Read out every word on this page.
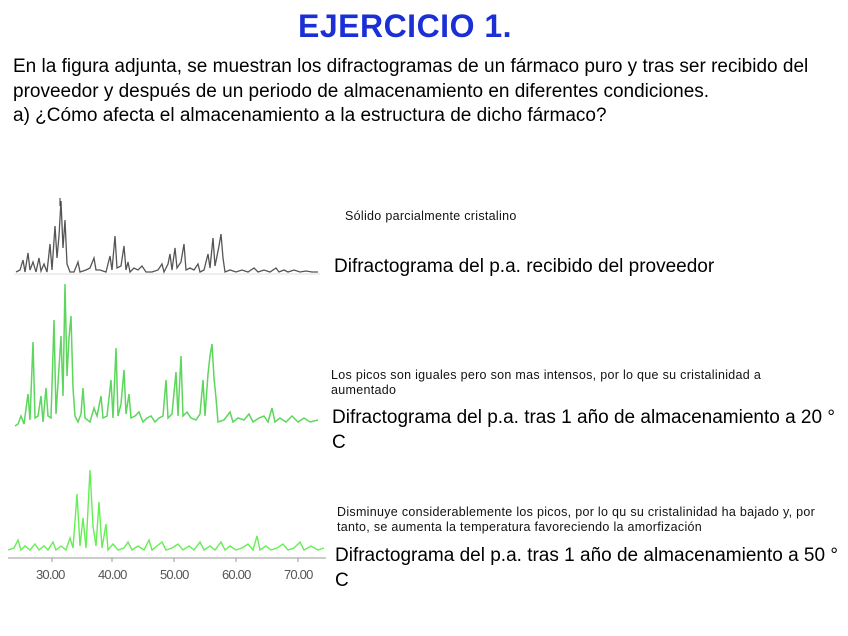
EJERCICIO 1.

En la figura adjunta, se muestran los difractogramas de un fármaco puro y tras ser recibido del proveedor y después de un periodo de almacenamiento en diferentes condiciones.

a) ¿Cómo afecta el almacenamiento a la estructura de dicho fármaco?

Sólido parcialmente cristalino
Difractograma del p.a. recibido del proveedor
Los picos son iguales pero son mas intensos, por lo que su cristalinidad a aumentado
Difractograma del p.a. tras 1 año de almacenamiento a 20 ° C
30.00	40.00	50.00	60.00	70.00
Disminuye considerablemente los picos, por lo qu su cristalinidad ha bajado y, por tanto, se aumenta la temperatura favoreciendo la amorfización
Difractograma del p.a. tras 1 año de almacenamiento a 50 ° C
